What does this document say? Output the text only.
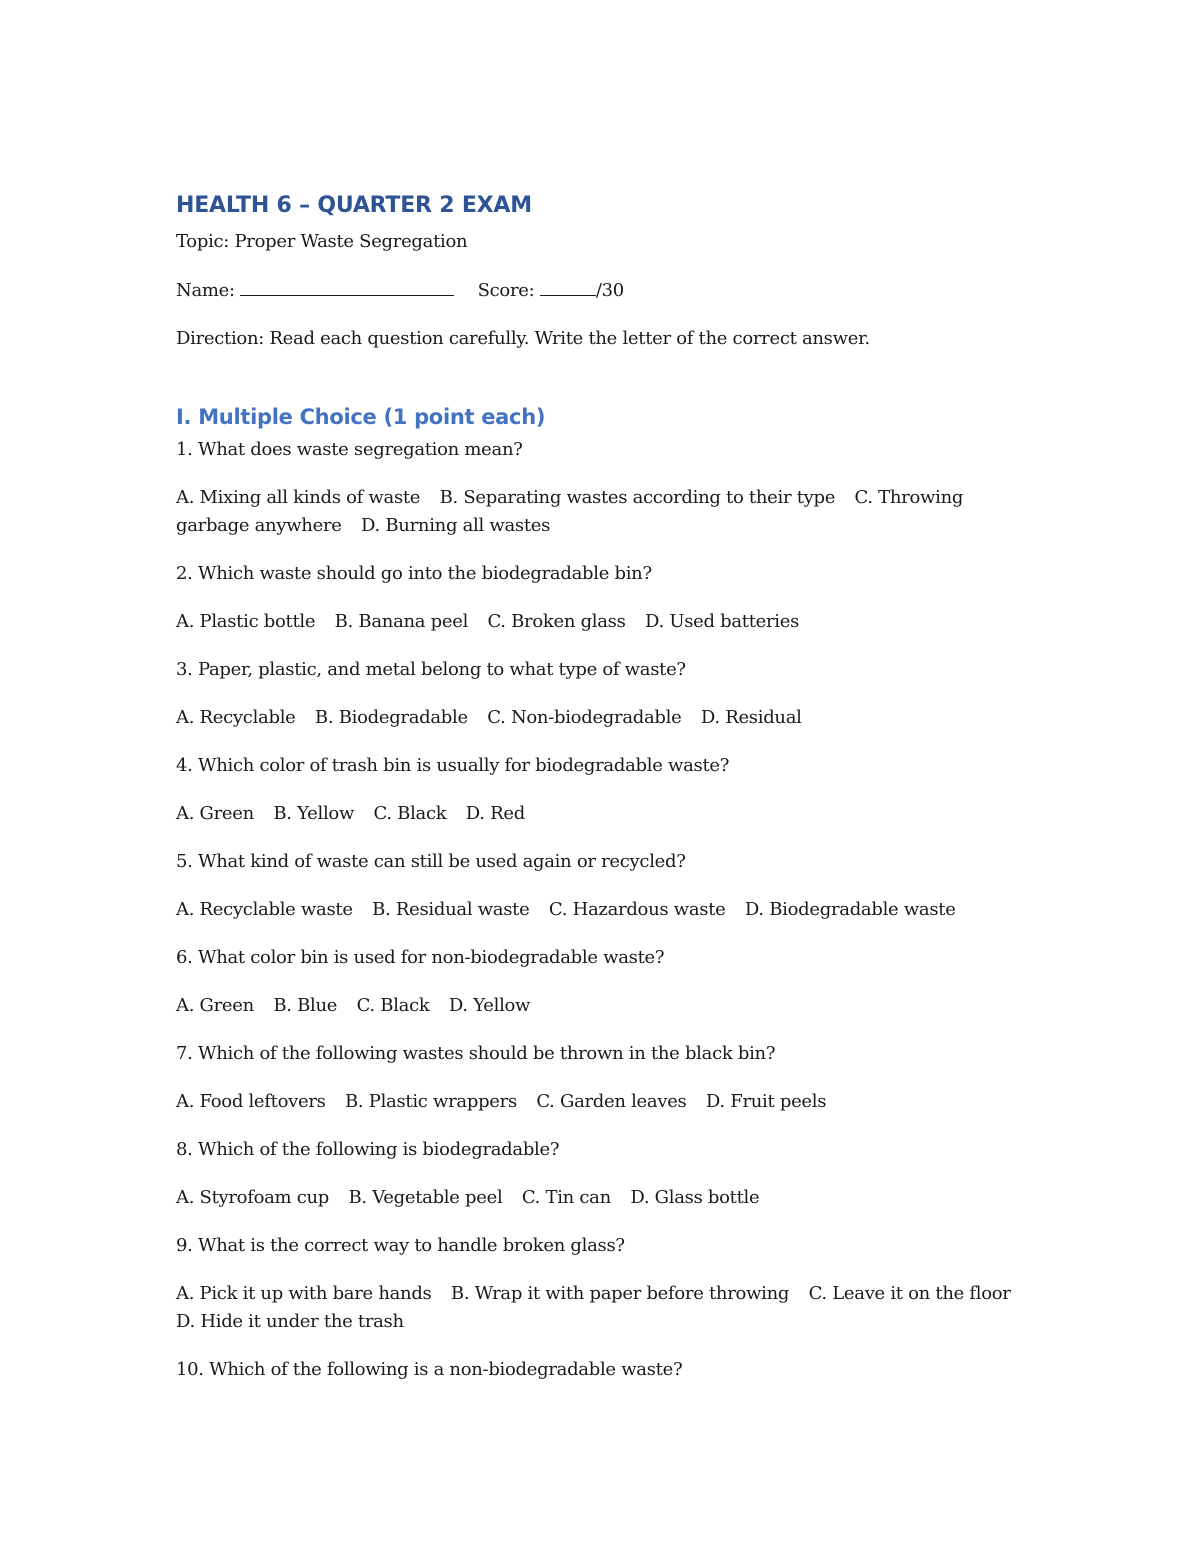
HEALTH 6 – QUARTER 2 EXAM

Topic: Proper Waste Segregation

Name:	Score:	/30

Direction: Read each question carefully. Write the letter of the correct answer.

I. Multiple Choice (1 point each)

1. What does waste segregation mean?

A. Mixing all kinds of waste B. Separating wastes according to their type C. Throwing garbage anywhere D. Burning all wastes

2. Which waste should go into the biodegradable bin?

A. Plastic bottle B. Banana peel C. Broken glass D. Used batteries

3. Paper, plastic, and metal belong to what type of waste?

A. Recyclable B. Biodegradable C. Non-biodegradable D. Residual

4. Which color of trash bin is usually for biodegradable waste?

A. Green B. Yellow C. Black D. Red

5. What kind of waste can still be used again or recycled?

A. Recyclable waste B. Residual waste C. Hazardous waste D. Biodegradable waste

6. What color bin is used for non-biodegradable waste?

A. Green B. Blue C. Black D. Yellow

7. Which of the following wastes should be thrown in the black bin?

A. Food leftovers B. Plastic wrappers C. Garden leaves D. Fruit peels

8. Which of the following is biodegradable?

A. Styrofoam cup B. Vegetable peel C. Tin can D. Glass bottle

9. What is the correct way to handle broken glass?

A. Pick it up with bare hands B. Wrap it with paper before throwing C. Leave it on the floor D. Hide it under the trash

10. Which of the following is a non-biodegradable waste?
